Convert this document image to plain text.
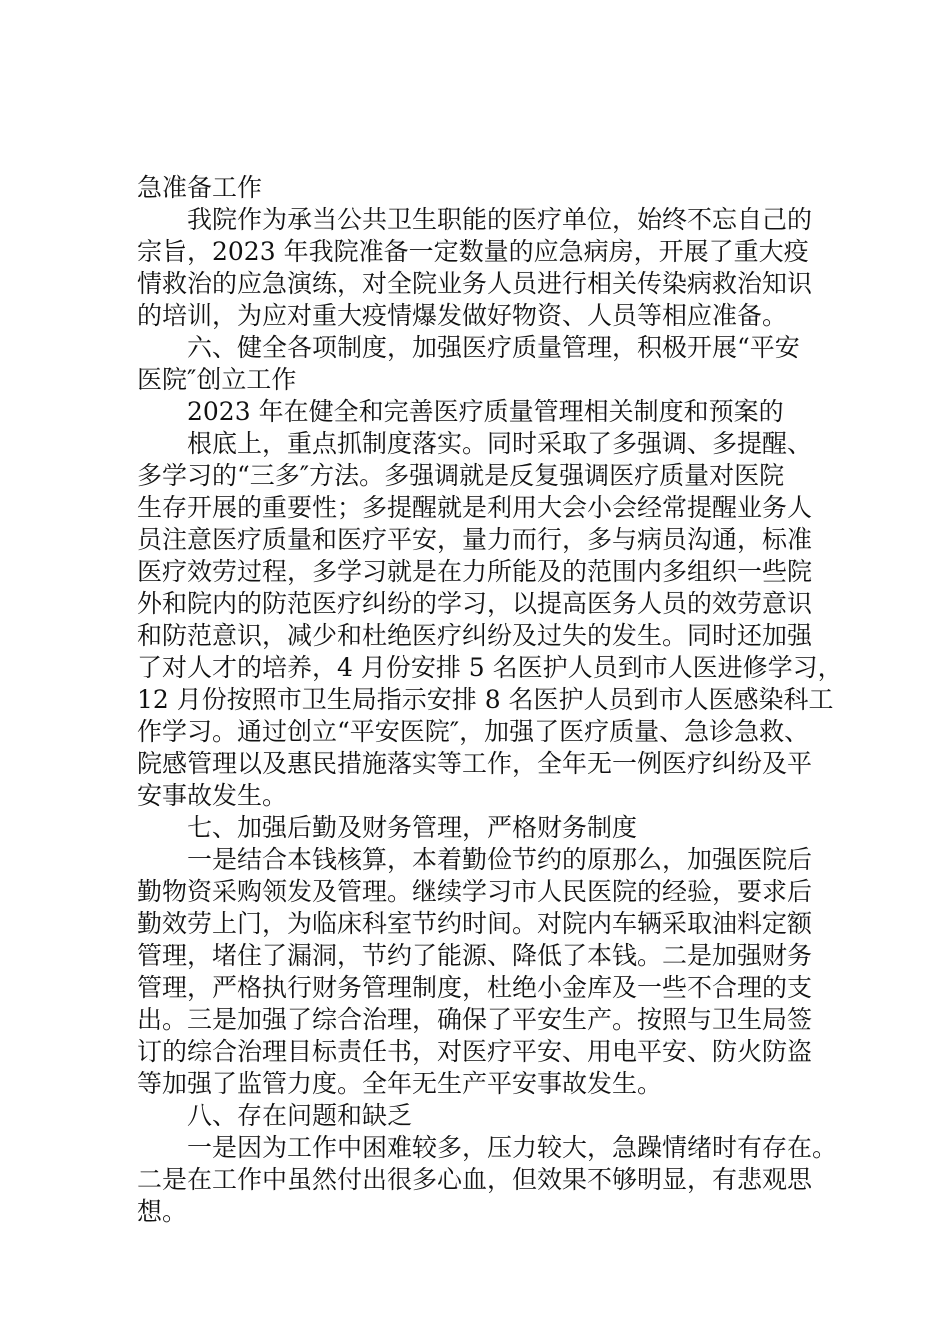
急准备工作
我院作为承当公共卫生职能的医疗单位，始终不忘自己的
宗旨，2023 年我院准备一定数量的应急病房，开展了重大疫
情救治的应急演练，对全院业务人员进行相关传染病救治知识
的培训，为应对重大疫情爆发做好物资、人员等相应准备。
六、健全各项制度，加强医疗质量管理，积极开展“平安
医院″创立工作
2023 年在健全和完善医疗质量管理相关制度和预案的
根底上，重点抓制度落实。同时采取了多强调、多提醒、
多学习的“三多″方法。多强调就是反复强调医疗质量对医院
生存开展的重要性；多提醒就是利用大会小会经常提醒业务人
员注意医疗质量和医疗平安，量力而行，多与病员沟通，标准
医疗效劳过程，多学习就是在力所能及的范围内多组织一些院
外和院内的防范医疗纠纷的学习，以提高医务人员的效劳意识
和防范意识，减少和杜绝医疗纠纷及过失的发生。同时还加强
了对人才的培养，4 月份安排 5 名医护人员到市人医进修学习，
12 月份按照市卫生局指示安排 8 名医护人员到市人医感染科工
作学习。通过创立“平安医院″，加强了医疗质量、急诊急救、
院感管理以及惠民措施落实等工作，全年无一例医疗纠纷及平
安事故发生。
七、加强后勤及财务管理，严格财务制度
一是结合本钱核算，本着勤俭节约的原那么，加强医院后
勤物资采购领发及管理。继续学习市人民医院的经验，要求后
勤效劳上门，为临床科室节约时间。对院内车辆采取油料定额
管理，堵住了漏洞，节约了能源、降低了本钱。二是加强财务
管理，严格执行财务管理制度，杜绝小金库及一些不合理的支
出。三是加强了综合治理，确保了平安生产。按照与卫生局签
订的综合治理目标责任书，对医疗平安、用电平安、防火防盗
等加强了监管力度。全年无生产平安事故发生。
八、存在问题和缺乏
一是因为工作中困难较多，压力较大，急躁情绪时有存在。
二是在工作中虽然付出很多心血，但效果不够明显，有悲观思
想。
